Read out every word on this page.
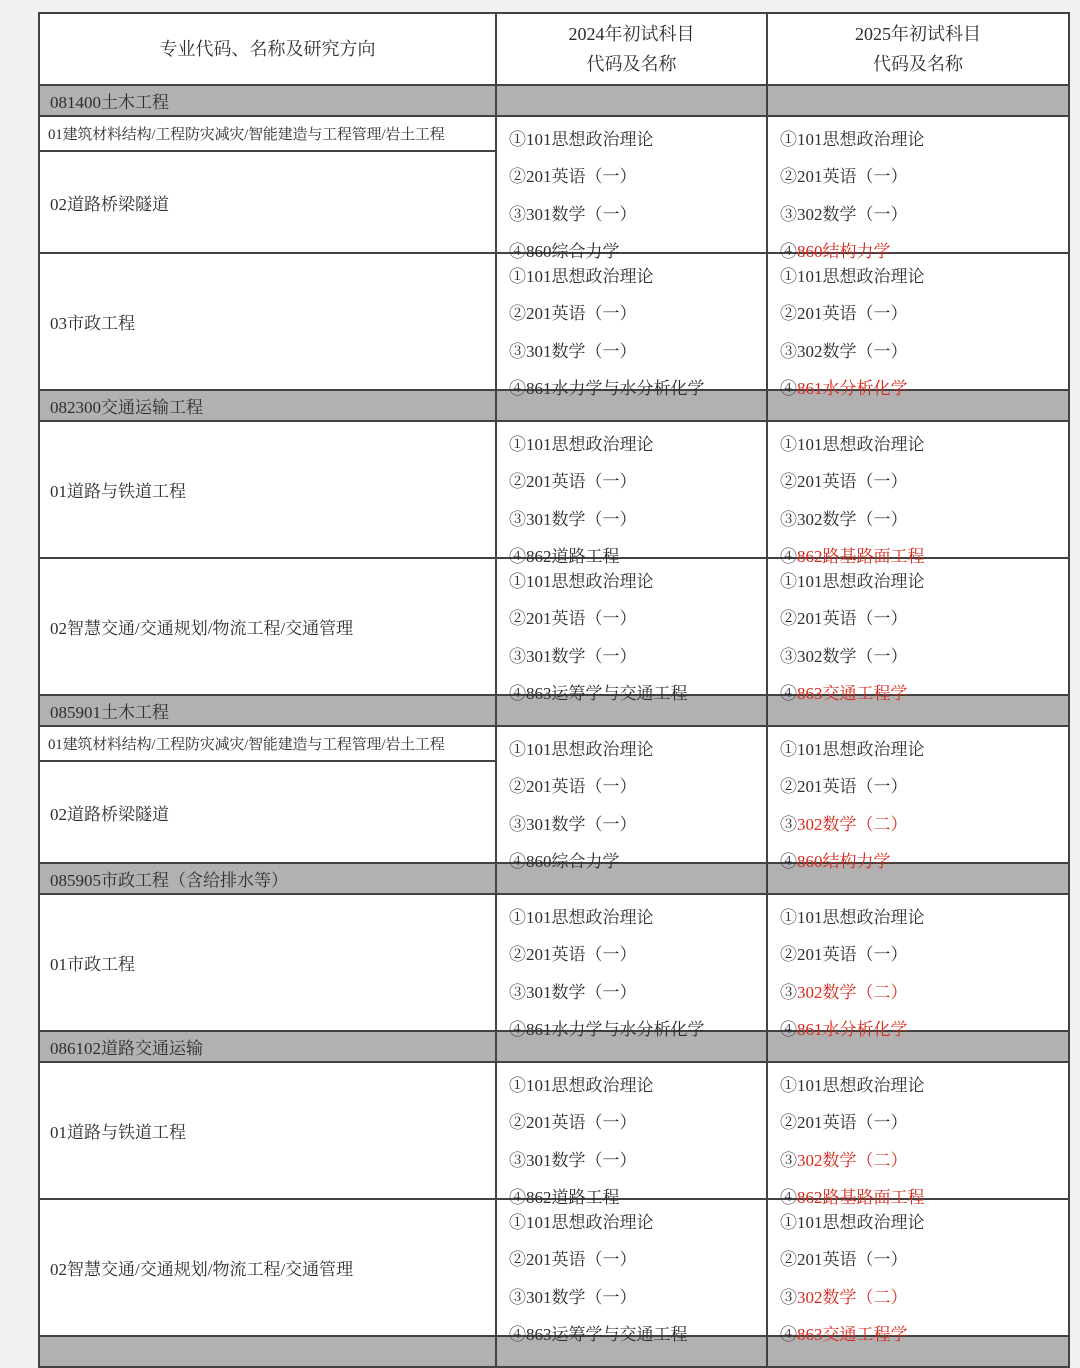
专业代码、名称及研究方向
2024年初试科目
代码及名称
2025年初试科目
代码及名称
081400土木工程
01建筑材料结构/工程防灾减灾/智能建造与工程管理/岩土工程
02道路桥梁隧道
①101思想政治理论
②201英语（一）
③301数学（一）
④860综合力学
①101思想政治理论
②201英语（一）
③302数学（一）
④860结构力学
03市政工程
①101思想政治理论
②201英语（一）
③301数学（一）
④861水力学与水分析化学
①101思想政治理论
②201英语（一）
③302数学（一）
④861水分析化学
082300交通运输工程
01道路与铁道工程
①101思想政治理论
②201英语（一）
③301数学（一）
④862道路工程
①101思想政治理论
②201英语（一）
③302数学（一）
④862路基路面工程
02智慧交通/交通规划/物流工程/交通管理
①101思想政治理论
②201英语（一）
③301数学（一）
④863运筹学与交通工程
①101思想政治理论
②201英语（一）
③302数学（一）
④863交通工程学
085901土木工程
01建筑材料结构/工程防灾减灾/智能建造与工程管理/岩土工程
02道路桥梁隧道
①101思想政治理论
②201英语（一）
③301数学（一）
④860综合力学
①101思想政治理论
②201英语（一）
③302数学（二）
④860结构力学
085905市政工程（含给排水等）
01市政工程
①101思想政治理论
②201英语（一）
③301数学（一）
④861水力学与水分析化学
①101思想政治理论
②201英语（一）
③302数学（二）
④861水分析化学
086102道路交通运输
01道路与铁道工程
①101思想政治理论
②201英语（一）
③301数学（一）
④862道路工程
①101思想政治理论
②201英语（一）
③302数学（二）
④862路基路面工程
02智慧交通/交通规划/物流工程/交通管理
①101思想政治理论
②201英语（一）
③301数学（一）
④863运筹学与交通工程
①101思想政治理论
②201英语（一）
③302数学（二）
④863交通工程学
